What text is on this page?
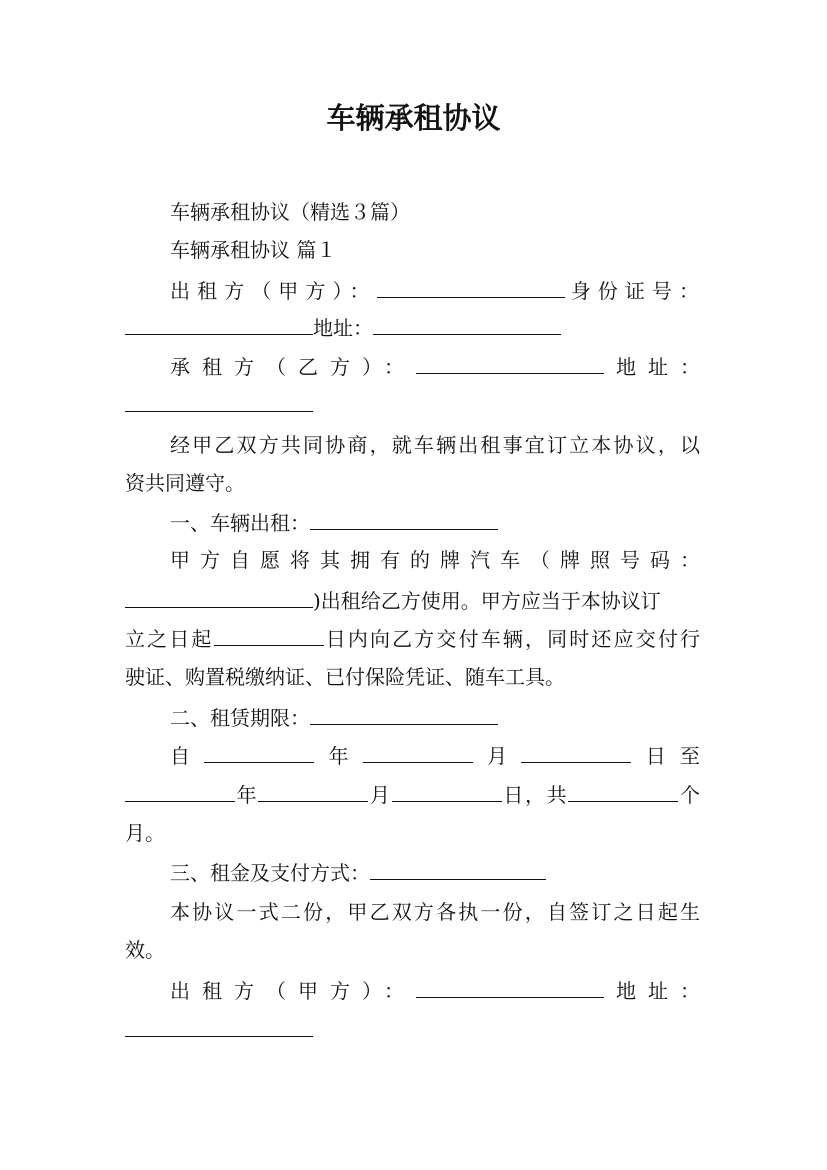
车辆承租协议
车辆承租协议（精选３篇）
车辆承租协议 篇１
出租方（甲方）：	身份证号：
地址：
承租方（乙方）：	地址：
经甲乙双方共同协商，就车辆出租事宜订立本协议，以
资共同遵守。
一、车辆出租：
甲方自愿将其拥有的牌汽车（牌照号码：
)出租给乙方使用。甲方应当于本协议订
立之日起	日内向乙方交付车辆，同时还应交付行
驶证、购置税缴纳证、已付保险凭证、随车工具。
二、租赁期限：
自	年	月	日至
年	月	日，共	个
月。
三、租金及支付方式：
本协议一式二份，甲乙双方各执一份，自签订之日起生
效。
出租方（甲方）：	地址：
